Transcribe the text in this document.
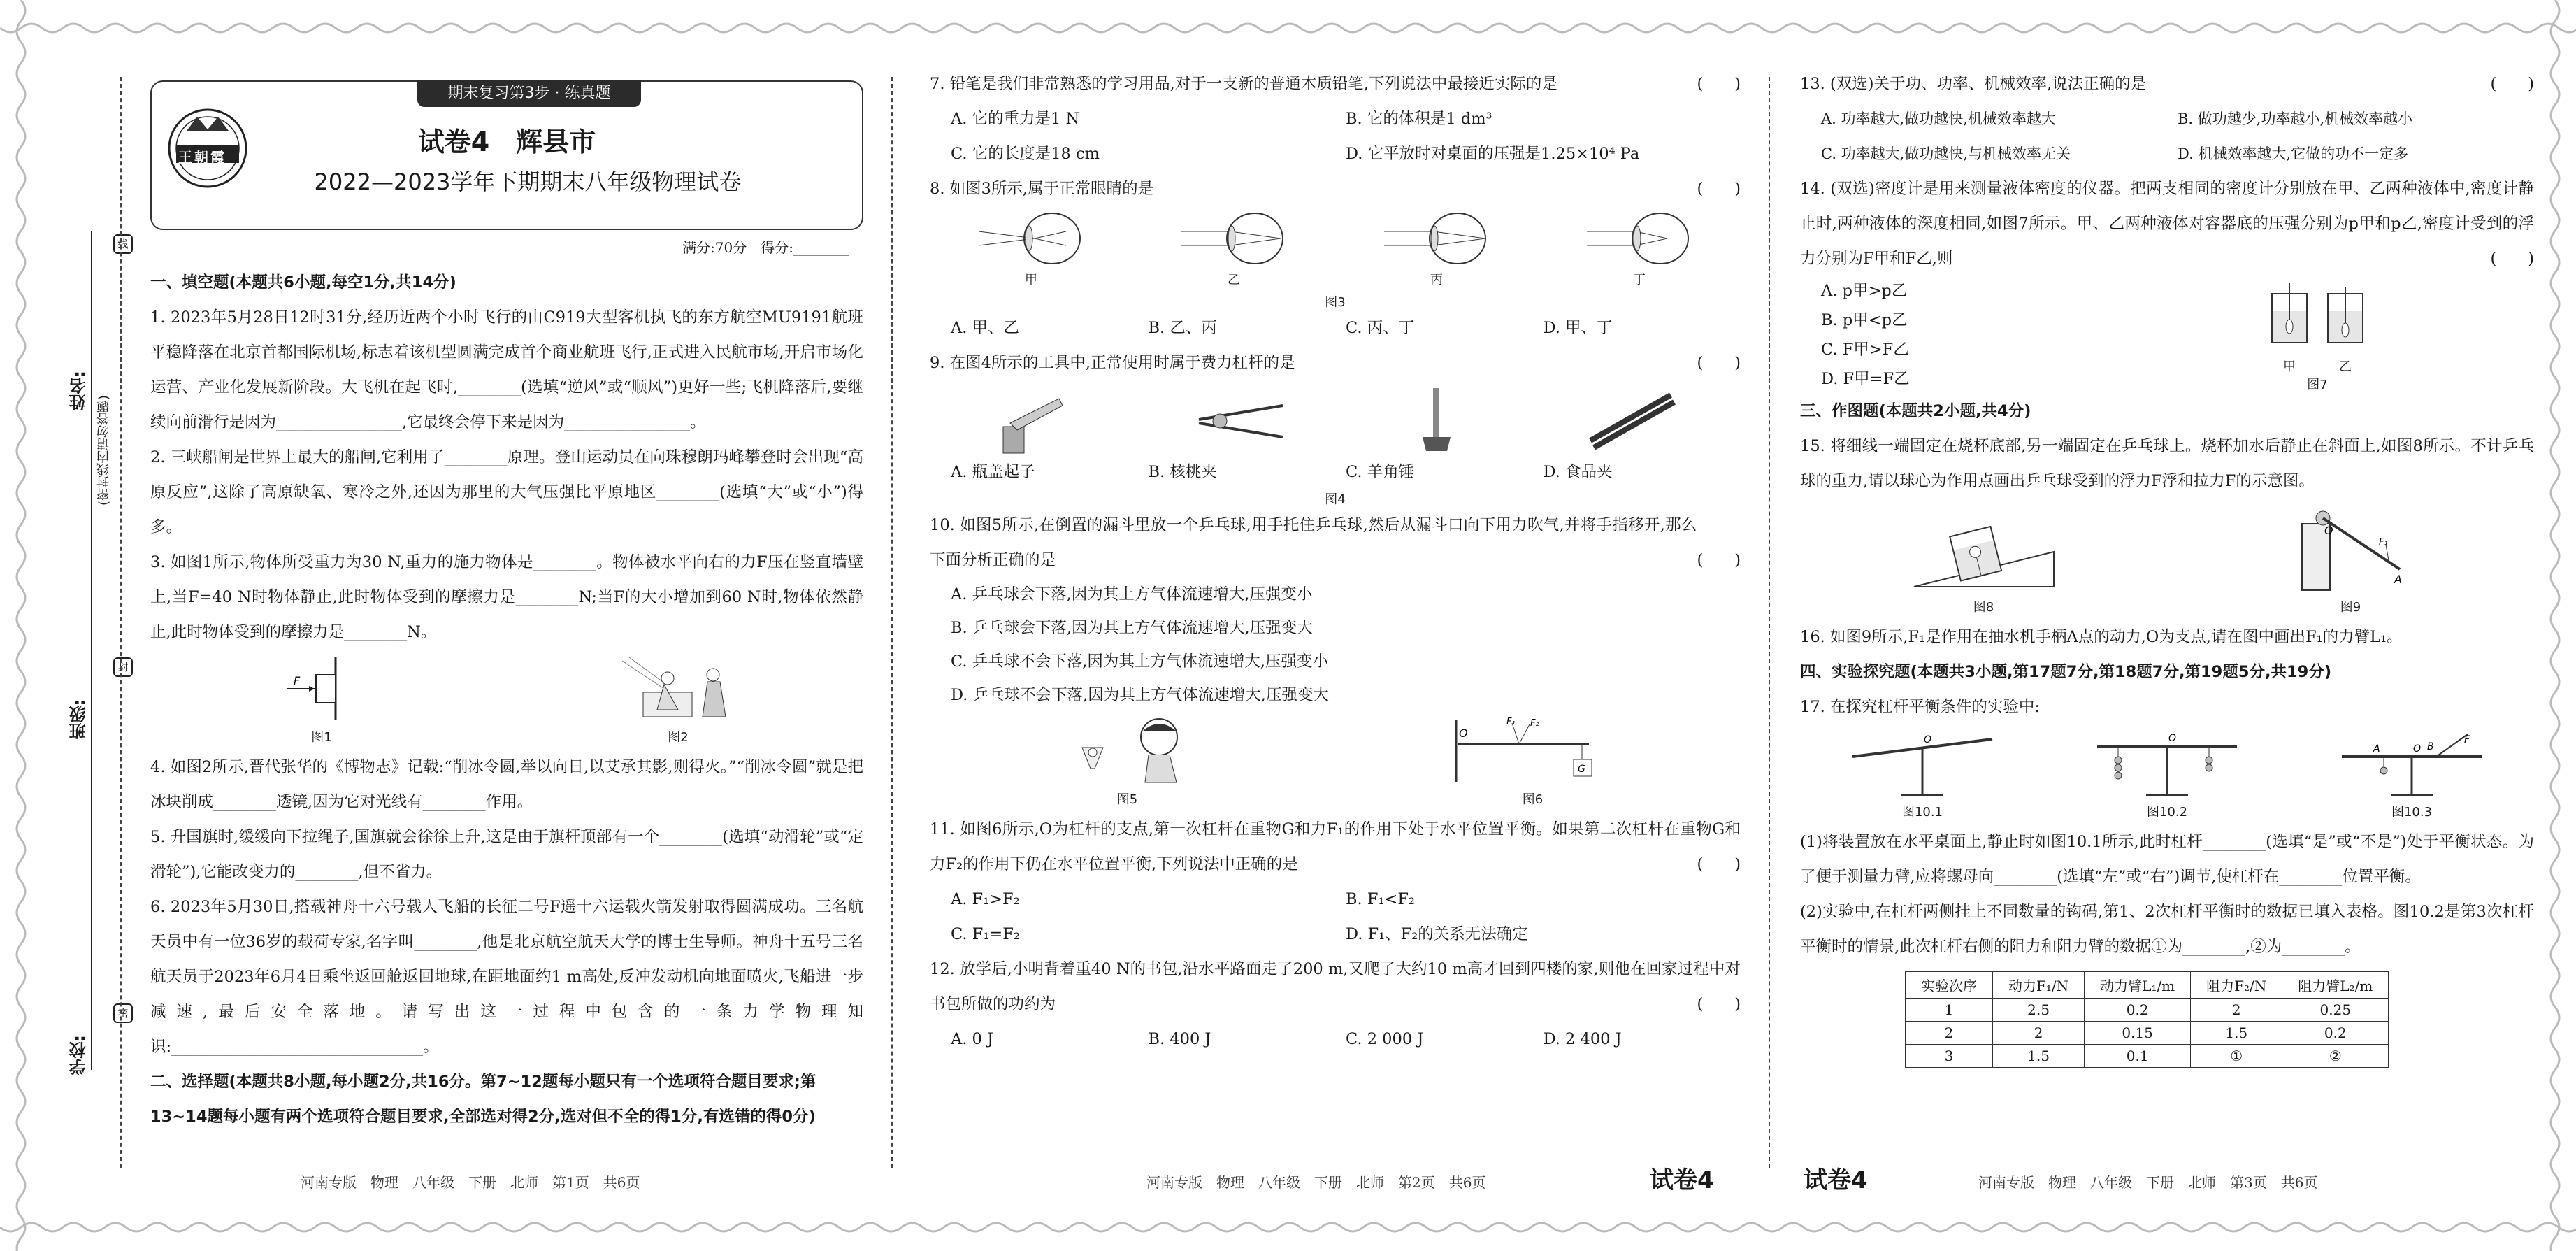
姓名:
班级:
学校:
(密封线内请勿答题)
线
封
密
期末复习第3步 · 练真题
王朝霞	试卷4　辉县市
2022—2023学年下期期末八年级物理试卷
满分:70分　得分:________

一、填空题(本题共6小题,每空1分,共14分)

1. 2023年5月28日12时31分,经历近两个小时飞行的由C919大型客机执飞的东方航空MU9191航班平稳降落在北京首都国际机场,标志着该机型圆满完成首个商业航班飞行,正式进入民航市场,开启市场化运营、产业化发展新阶段。大飞机在起飞时,________(选填“逆风”或“顺风”)更好一些;飞机降落后,要继续向前滑行是因为________________,它最终会停下来是因为________________。

2. 三峡船闸是世界上最大的船闸,它利用了________原理。登山运动员在向珠穆朗玛峰攀登时会出现“高原反应”,这除了高原缺氧、寒冷之外,还因为那里的大气压强比平原地区________(选填“大”或“小”)得多。

3. 如图1所示,物体所受重力为30 N,重力的施力物体是________。物体被水平向右的力F压在竖直墙壁上,当F=40 N时物体静止,此时物体受到的摩擦力是________N;当F的大小增加到60 N时,物体依然静止,此时物体受到的摩擦力是________N。

F
图1	图2

4. 如图2所示,晋代张华的《博物志》记载:“削冰令圆,举以向日,以艾承其影,则得火。”“削冰令圆”就是把冰块削成________透镜,因为它对光线有________作用。

5. 升国旗时,缓缓向下拉绳子,国旗就会徐徐上升,这是由于旗杆顶部有一个________(选填“动滑轮”或“定滑轮”),它能改变力的________,但不省力。

6. 2023年5月30日,搭载神舟十六号载人飞船的长征二号F遥十六运载火箭发射取得圆满成功。三名航天员中有一位36岁的载荷专家,名字叫________,他是北京航空航天大学的博士生导师。神舟十五号三名航天员于2023年6月4日乘坐返回舱返回地球,在距地面约1 m高处,反冲发动机向地面喷火,飞船进一步减速,最后安全落地。请写出这一过程中包含的一条力学物理知识:________________________________。

二、选择题(本题共8小题,每小题2分,共16分。第7~12题每小题只有一个选项符合题目要求;第13~14题每小题有两个选项符合题目要求,全部选对得2分,选对但不全的得1分,有选错的得0分)

河南专版　物理　八年级　下册　北师　第1页　共6页

(　　)
7. 铅笔是我们非常熟悉的学习用品,对于一支新的普通木质铅笔,下列说法中最接近实际的是

A. 它的重力是1 N	B. 它的体积是1 dm³
C. 它的长度是18 cm	D. 它平放时对桌面的压强是1.25×10⁴ Pa

(　　)
8. 如图3所示,属于正常眼睛的是

甲	乙	丙	丁
图3
A. 甲、乙	B. 乙、丙	C. 丙、丁	D. 甲、丁

(　　)
9. 在图4所示的工具中,正常使用时属于费力杠杆的是

A. 瓶盖起子	B. 核桃夹	C. 羊角锤	D. 食品夹
图4

(　　)
10. 如图5所示,在倒置的漏斗里放一个乒乓球,用手托住乒乓球,然后从漏斗口向下用力吹气,并将手指移开,那么下面分析正确的是

A. 乒乓球会下落,因为其上方气体流速增大,压强变小
B. 乒乓球会下落,因为其上方气体流速增大,压强变大
C. 乒乓球不会下落,因为其上方气体流速增大,压强变小
D. 乒乓球不会下落,因为其上方气体流速增大,压强变大
图5
O
F₁ F₂
G
图6

11. 如图6所示,O为杠杆的支点,第一次杠杆在重物G和力F₁的作用下处于水平位置平衡。如果第二次杠杆在重物G和力F₂的作用下仍在水平位置平衡,下列说法中正确的是	(　　)

A. F₁>F₂	B. F₁<F₂
C. F₁=F₂	D. F₁、F₂的关系无法确定

12. 放学后,小明背着重40 N的书包,沿水平路面走了200 m,又爬了大约10 m高才回到四楼的家,则他在回家过程中对书包所做的功约为	(　　)

A. 0 J	B. 400 J	C. 2 000 J	D. 2 400 J
河南专版　物理　八年级　下册　北师　第2页　共6页	试卷4

(　　)
13. (双选)关于功、功率、机械效率,说法正确的是

A. 功率越大,做功越快,机械效率越大	B. 做功越少,功率越小,机械效率越小
C. 功率越大,做功越快,与机械效率无关	D. 机械效率越大,它做的功不一定多

14. (双选)密度计是用来测量液体密度的仪器。把两支相同的密度计分别放在甲、乙两种液体中,密度计静止时,两种液体的深度相同,如图7所示。甲、乙两种液体对容器底的压强分别为p甲和p乙,密度计受到的浮力分别为F甲和F乙,则	(　　)

A. p甲>p乙
B. p甲<p乙
C. F甲>F乙
D. F甲=F乙
甲	乙
图7

三、作图题(本题共2小题,共4分)

15. 将细线一端固定在烧杯底部,另一端固定在乒乓球上。烧杯加水后静止在斜面上,如图8所示。不计乒乓球的重力,请以球心为作用点画出乒乓球受到的浮力F浮和拉力F的示意图。

图8
O
A
F₁
图9

16. 如图9所示,F₁是作用在抽水机手柄A点的动力,O为支点,请在图中画出F₁的力臂L₁。

四、实验探究题(本题共3小题,第17题7分,第18题7分,第19题5分,共19分)

17. 在探究杠杆平衡条件的实验中:

O
图10.1
O
图10.2
O
A	B
F
图10.3

(1)将装置放在水平桌面上,静止时如图10.1所示,此时杠杆________(选填“是”或“不是”)处于平衡状态。为了便于测量力臂,应将螺母向________(选填“左”或“右”)调节,使杠杆在________位置平衡。

(2)实验中,在杠杆两侧挂上不同数量的钩码,第1、2次杠杆平衡时的数据已填入表格。图10.2是第3次杠杆平衡时的情景,此次杠杆右侧的阻力和阻力臂的数据①为________,②为________。

实验次序	动力F₁/N	动力臂L₁/m	阻力F₂/N	阻力臂L₂/m
1	2.5	0.2	2	0.25
2	2	0.15	1.5	0.2
3	1.5	0.1	①	②
试卷4	河南专版　物理　八年级　下册　北师　第3页　共6页
